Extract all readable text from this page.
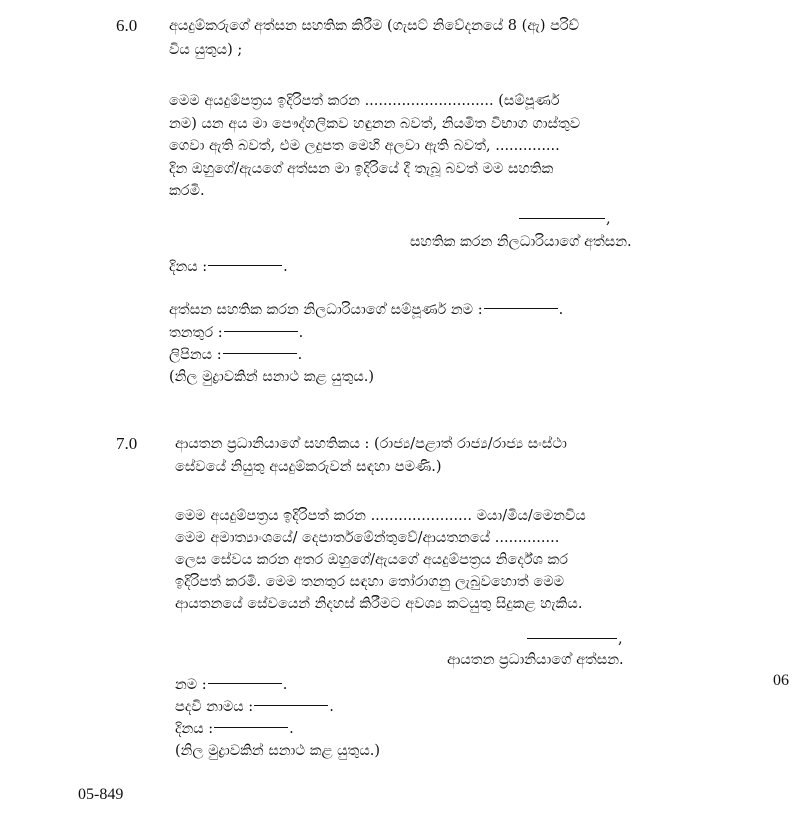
6.0 අයදුම්කරුගේ අත්සන සහතික කිරීම (ගැසට් නිවේදනයේ 8 (ඇ) පරිච්
විය යුතුය) ;
මෙම අයදුම්පත්‍රය ඉදිරිපත් කරන ............................ (සම්පූර්ණ
නම) යන අය මා පෞද්ගලිකව හඳුනන බවත්, නියමිත විභාග ගාස්තුව
ගෙවා ඇති බවත්, එම ලදුපත මෙහි අලවා ඇති බවත්, ..............
දින ඔහුගේ/ඇයගේ අත්සන මා ඉදිරියේ දී තැබූ බවත් මම සහතික
කරමි.
,
සහතික කරන නිලධාරියාගේ අත්සන.
දිනය :	.
අත්සන සහතික කරන නිලධාරියාගේ සම්පූර්ණ නම :	.
තනතුර :	.
ලිපිනය :	.
(නිල මුද්‍රාවකින් සනාථ කළ යුතුය.)
7.0	ආයතන ප්‍රධානියාගේ සහතිකය : (රාජ්‍ය/පළාත් රාජ්‍ය/රාජ්‍ය සංස්ථා
සේවයේ නියුතු අයදුම්කරුවන් සඳහා පමණි.)
මෙම අයදුම්පත්‍රය ඉදිරිපත් කරන ...................... මයා/මිය/මෙනවිය
මෙම අමාත්‍යාංශයේ/ දෙපාර්තමේන්තුවේ/ආයතනයේ ..............
ලෙස සේවය කරන අතර ඔහුගේ/ඇයගේ අයදුම්පත්‍රය නිර්දේශ කර
ඉදිරිපත් කරමි. මෙම තනතුර සඳහා තෝරාගනු ලැබුවහොත් මෙම
ආයතනයේ සේවයෙන් නිදහස් කිරීමට අවශ්‍ය කටයුතු සිදුකළ හැකිය.
,
ආයතන ප්‍රධානියාගේ අත්සන.
නම :	.
පදවි නාමය :	.
දිනය :	.
(නිල මුද්‍රාවකින් සනාථ කළ යුතුය.)
06
05-849
